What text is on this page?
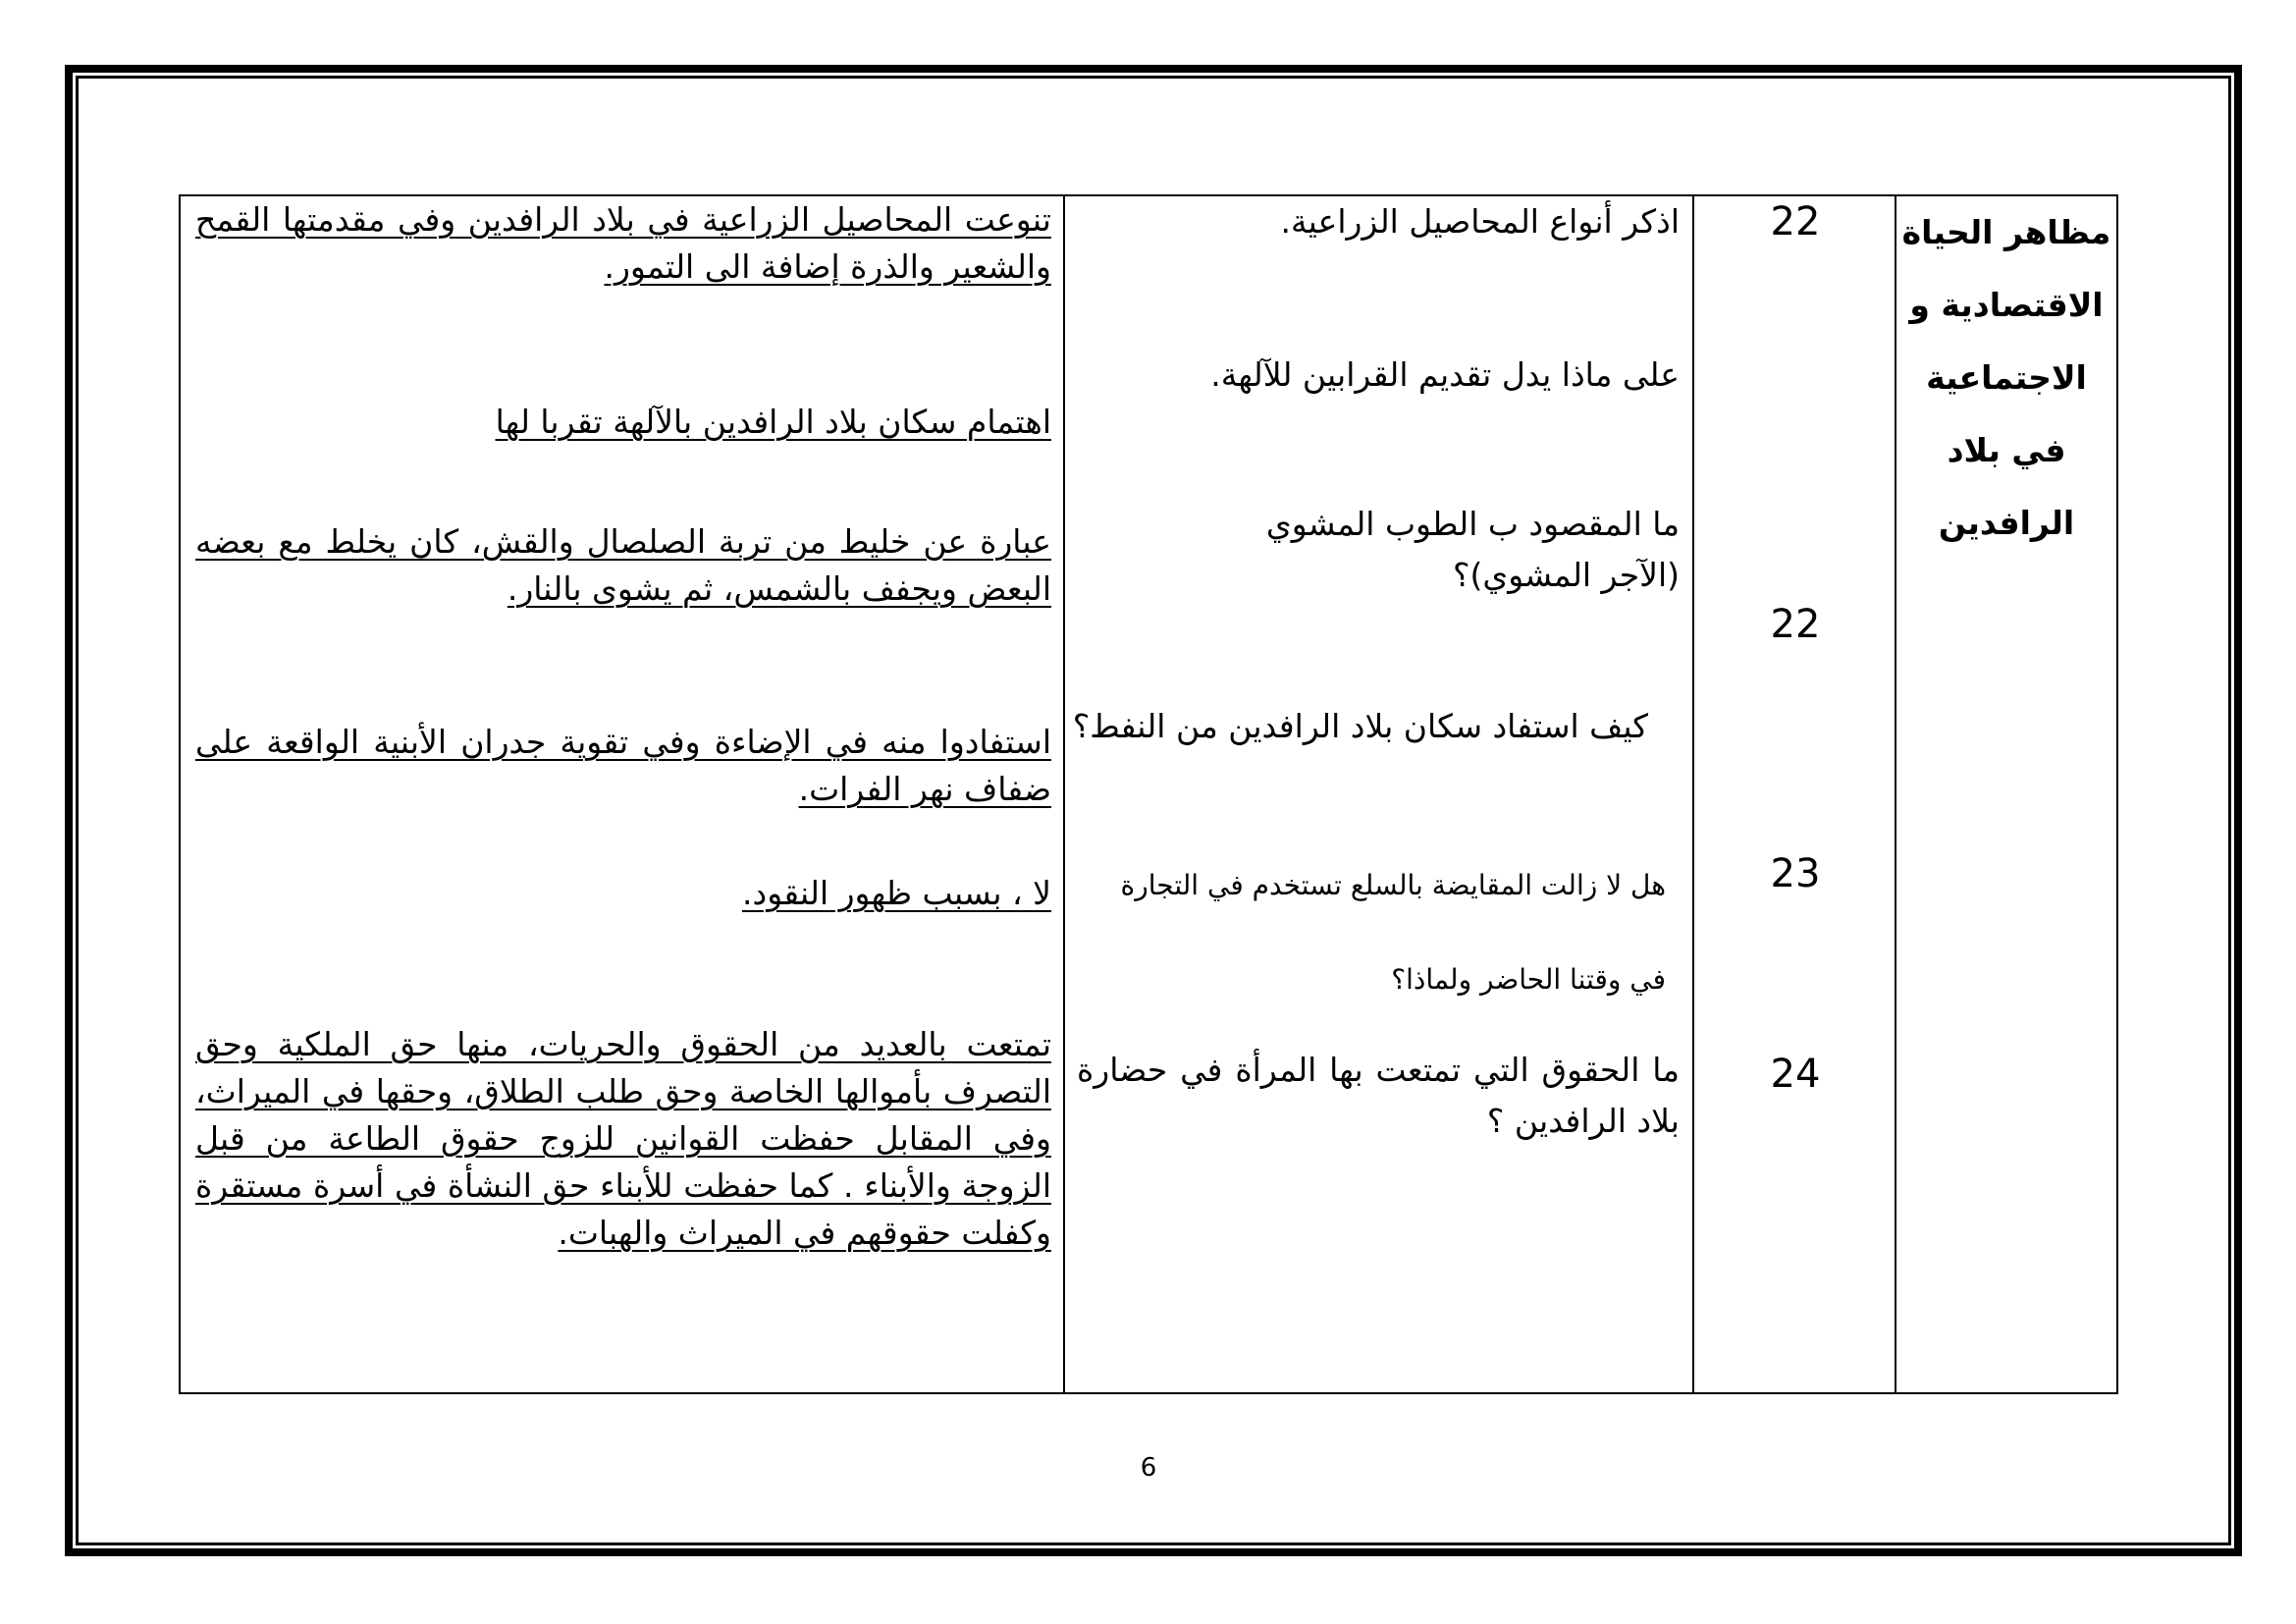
مظاهر الحياة
الاقتصادية و
الاجتماعية
في بلاد
الرافدين
22
22
23
24
اذكر أنواع المحاصيل الزراعية.
على ماذا يدل تقديم القرابين للآلهة.
ما المقصود ب الطوب المشوي (الآجر المشوي)؟
كيف استفاد سكان بلاد الرافدين من النفط؟
هل لا زالت المقايضة بالسلع تستخدم في التجارة
في وقتنا الحاضر ولماذا؟
ما الحقوق التي تمتعت بها المرأة في حضارة بلاد الرافدين ؟
تنوعت المحاصيل الزراعية في بلاد الرافدين وفي مقدمتها القمح والشعير والذرة إضافة الى التمور.
اهتمام سكان بلاد الرافدين بالآلهة تقربا لها
عبارة عن خليط من تربة الصلصال والقش، كان يخلط مع بعضه البعض ويجفف بالشمس، ثم يشوى بالنار.
استفادوا منه في الإضاءة وفي تقوية جدران الأبنية الواقعة على ضفاف نهر الفرات.
لا ، بسبب ظهور النقود.
تمتعت بالعديد من الحقوق والحريات، منها حق الملكية وحق التصرف بأموالها الخاصة وحق طلب الطلاق، وحقها في الميراث، وفي المقابل حفظت القوانين للزوج حقوق الطاعة من قبل الزوجة والأبناء . كما حفظت للأبناء حق النشأة في أسرة مستقرة وكفلت حقوقهم في الميراث والهبات.
6
